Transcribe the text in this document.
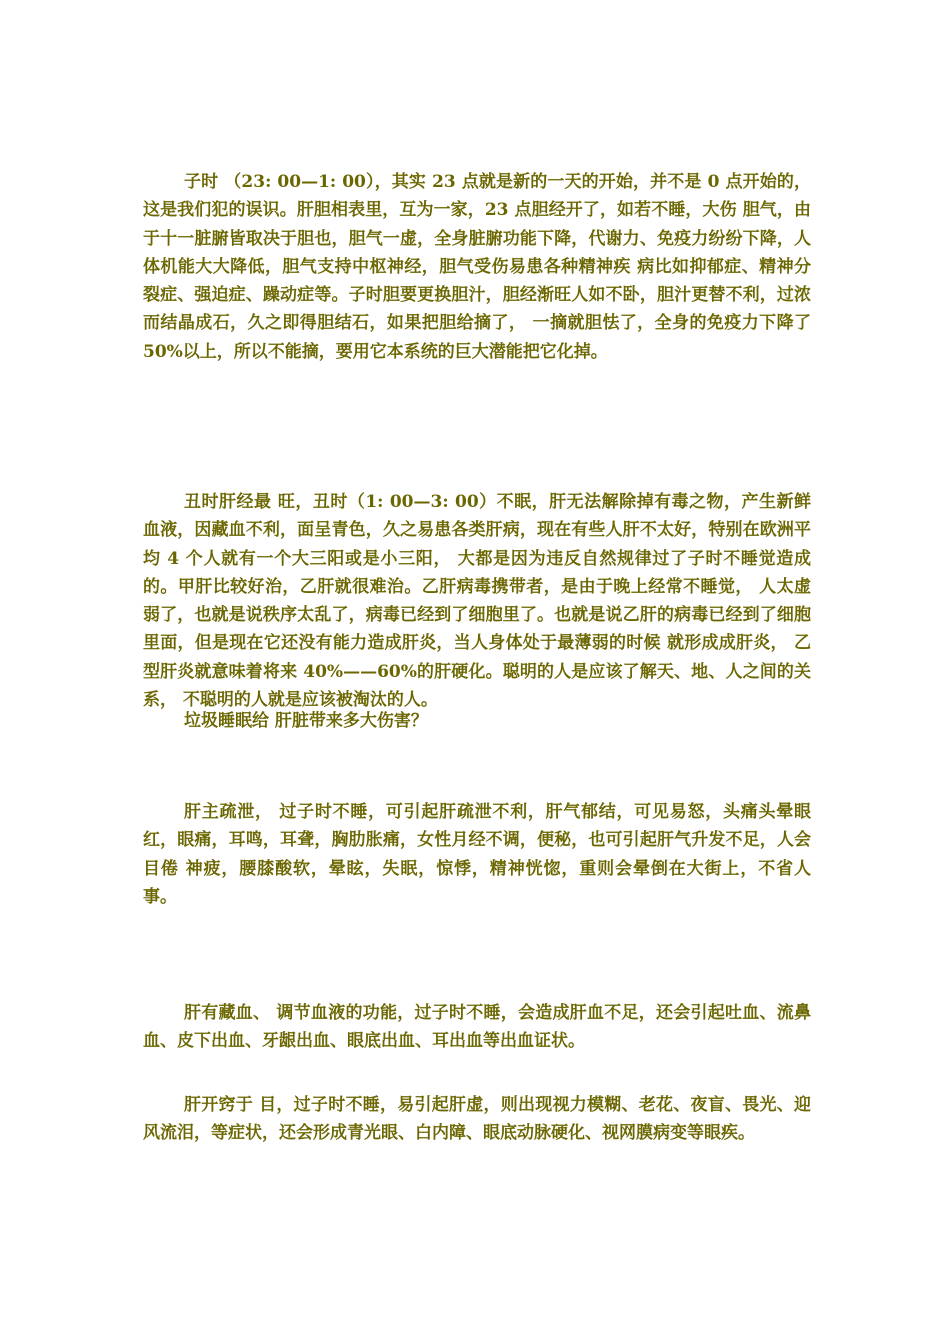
子时 （23: 00—1: 00），其实 23 点就是新的一天的开始，并不是 0 点开始的，这是我们犯的误识。肝胆相表里，互为一家，23 点胆经开了，如若不睡，大伤 胆气，由于十一脏腑皆取决于胆也，胆气一虚，全身脏腑功能下降，代谢力、免疫力纷纷下降，人体机能大大降低，胆气支持中枢神经，胆气受伤易患各种精神疾 病比如抑郁症、精神分裂症、强迫症、躁动症等。子时胆要更换胆汁，胆经渐旺人如不卧，胆汁更替不利，过浓而结晶成石，久之即得胆结石，如果把胆给摘了， 一摘就胆怯了，全身的免疫力下降了 50%以上，所以不能摘，要用它本系统的巨大潜能把它化掉。

丑时肝经最 旺，丑时（1: 00—3: 00）不眠，肝无法解除掉有毒之物，产生新鲜血液，因藏血不利，面呈青色，久之易患各类肝病，现在有些人肝不太好，特别在欧洲平 均 4 个人就有一个大三阳或是小三阳， 大都是因为违反自然规律过了子时不睡觉造成的。甲肝比较好治，乙肝就很难治。乙肝病毒携带者，是由于晚上经常不睡觉， 人太虚弱了，也就是说秩序太乱了，病毒已经到了细胞里了。也就是说乙肝的病毒已经到了细胞里面，但是现在它还没有能力造成肝炎，当人身体处于最薄弱的时候 就形成成肝炎， 乙型肝炎就意味着将来 40%——60%的肝硬化。聪明的人是应该了解天、地、人之间的关系， 不聪明的人就是应该被淘汰的人。

垃圾睡眠给 肝脏带来多大伤害？

肝主疏泄， 过子时不睡，可引起肝疏泄不利，肝气郁结，可见易怒，头痛头晕眼红，眼痛，耳鸣，耳聋，胸肋胀痛，女性月经不调，便秘，也可引起肝气升发不足，人会目倦 神疲，腰膝酸软，晕眩，失眠，惊悸，精神恍惚，重则会晕倒在大街上，不省人事。

肝有藏血、 调节血液的功能，过子时不睡，会造成肝血不足，还会引起吐血、流鼻血、皮下出血、牙龈出血、眼底出血、耳出血等出血证状。

肝开窍于 目，过子时不睡，易引起肝虚，则出现视力模糊、老花、夜盲、畏光、迎风流泪，等症状，还会形成青光眼、白内障、眼底动脉硬化、视网膜病变等眼疾。
